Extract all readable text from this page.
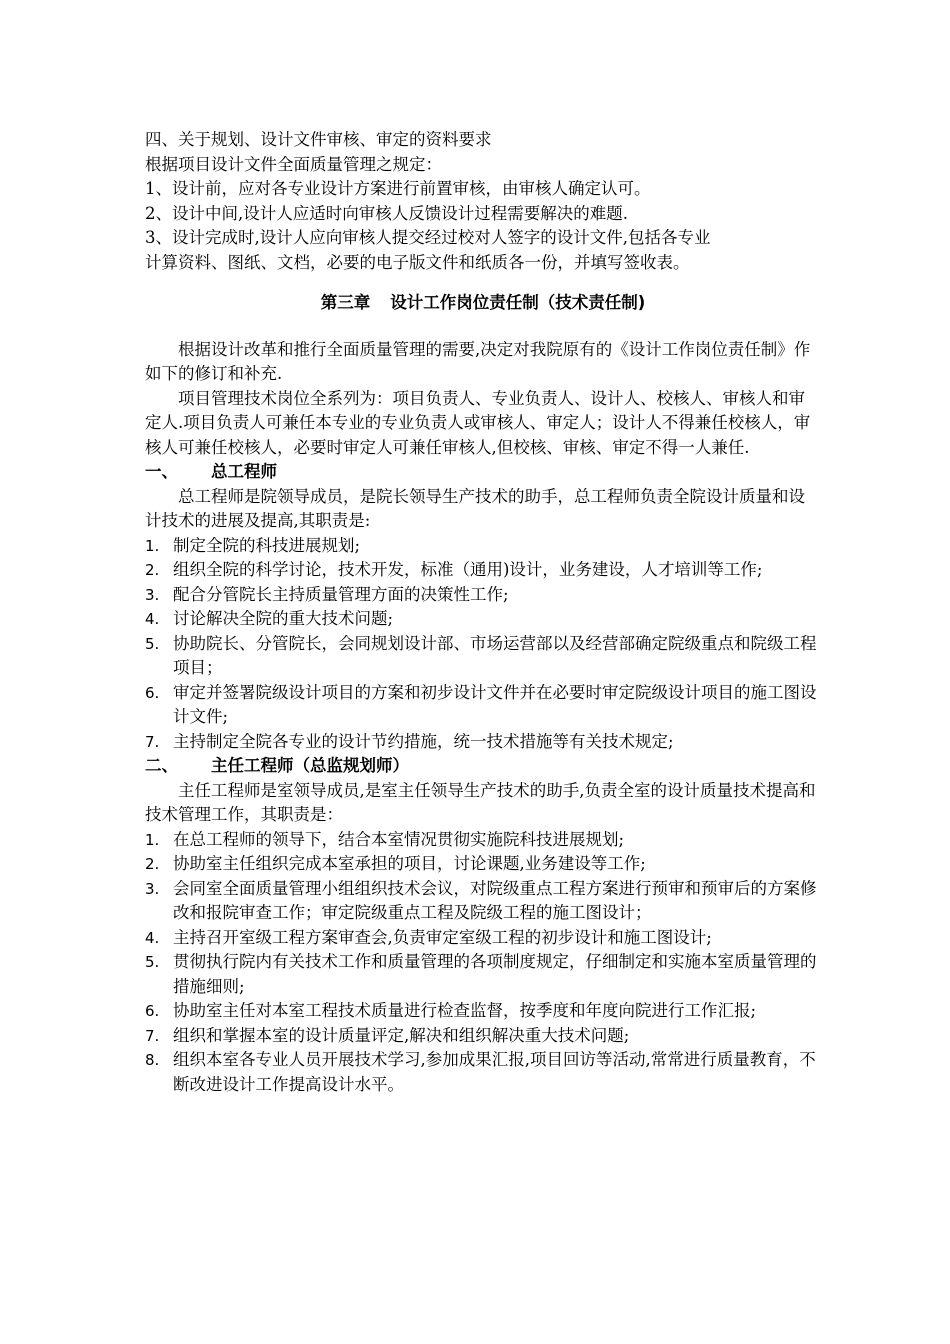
四、关于规划、设计文件审核、审定的资料要求
根据项目设计文件全面质量管理之规定：
1、设计前，应对各专业设计方案进行前置审核，由审核人确定认可。
2、设计中间,设计人应适时向审核人反馈设计过程需要解决的难题.
3、设计完成时,设计人应向审核人提交经过校对人签字的设计文件,包括各专业
计算资料、图纸、文档，必要的电子版文件和纸质各一份，并填写签收表。
第三章 设计工作岗位责任制（技术责任制)
根据设计改革和推行全面质量管理的需要,决定对我院原有的《设计工作岗位责任制》作如下的修订和补充.
项目管理技术岗位全系列为：项目负责人、专业负责人、设计人、校核人、审核人和审定人.项目负责人可兼任本专业的专业负责人或审核人、审定人；设计人不得兼任校核人，审核人可兼任校核人，必要时审定人可兼任审核人,但校核、审核、审定不得一人兼任.
一、	总工程师
总工程师是院领导成员，是院长领导生产技术的助手，总工程师负责全院设计质量和设计技术的进展及提高,其职责是:
1. 制定全院的科技进展规划;
2. 组织全院的科学讨论，技术开发，标准（通用)设计，业务建设，人才培训等工作;
3. 配合分管院长主持质量管理方面的决策性工作;
4. 讨论解决全院的重大技术问题;
5. 协助院长、分管院长，会同规划设计部、市场运营部以及经营部确定院级重点和院级工程项目；
6. 审定并签署院级设计项目的方案和初步设计文件并在必要时审定院级设计项目的施工图设计文件;
7. 主持制定全院各专业的设计节约措施，统一技术措施等有关技术规定;
二、	主任工程师（总监规划师）
主任工程师是室领导成员,是室主任领导生产技术的助手,负责全室的设计质量技术提高和技术管理工作，其职责是：
1. 在总工程师的领导下，结合本室情况贯彻实施院科技进展规划;
2. 协助室主任组织完成本室承担的项目，讨论课题,业务建设等工作;
3. 会同室全面质量管理小组组织技术会议，对院级重点工程方案进行预审和预审后的方案修改和报院审查工作；审定院级重点工程及院级工程的施工图设计；
4. 主持召开室级工程方案审查会,负责审定室级工程的初步设计和施工图设计;
5. 贯彻执行院内有关技术工作和质量管理的各项制度规定，仔细制定和实施本室质量管理的措施细则;
6. 协助室主任对本室工程技术质量进行检查监督，按季度和年度向院进行工作汇报;
7. 组织和掌握本室的设计质量评定,解决和组织解决重大技术问题;
8. 组织本室各专业人员开展技术学习,参加成果汇报,项目回访等活动,常常进行质量教育，不断改进设计工作提高设计水平。
